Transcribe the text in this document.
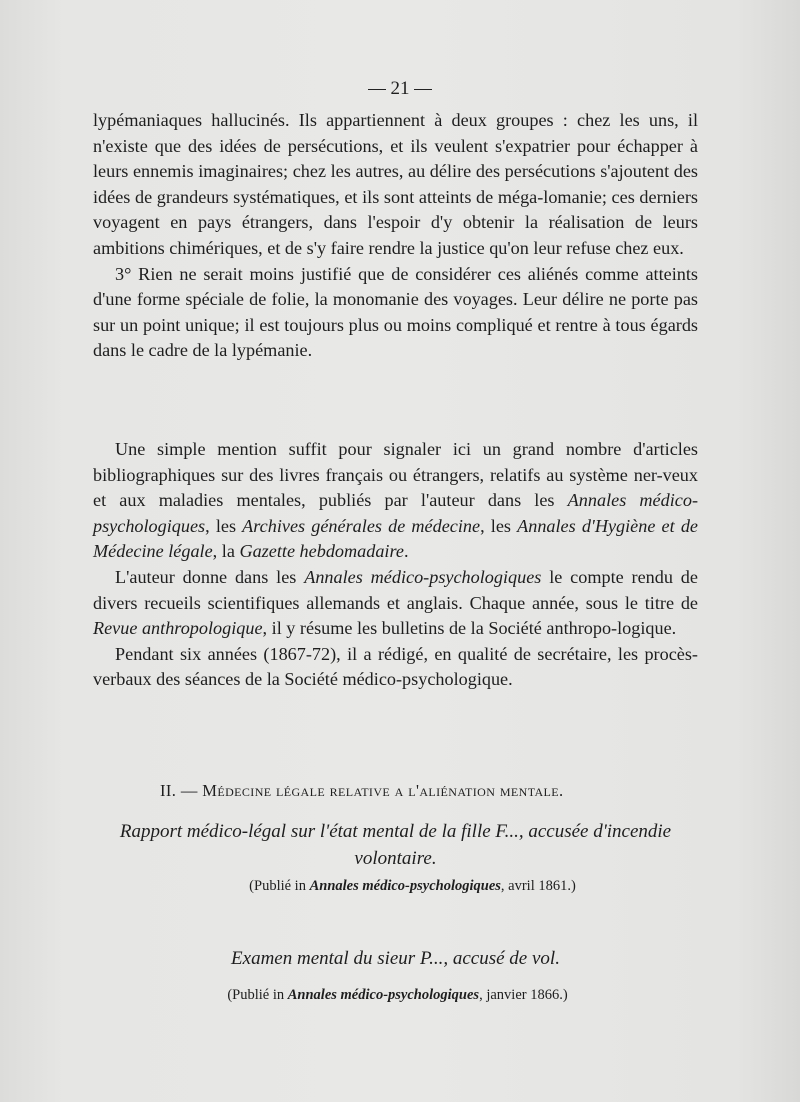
21

lypémaniaques hallucinés. Ils appartiennent à deux groupes : chez les uns, il n'existe que des idées de persécutions, et ils veulent s'expatrier pour échapper à leurs ennemis imaginaires; chez les autres, au délire des persécutions s'ajoutent des idées de grandeurs systématiques, et ils sont atteints de méga-lomanie; ces derniers voyagent en pays étrangers, dans l'espoir d'y obtenir la réalisation de leurs ambitions chimériques, et de s'y faire rendre la justice qu'on leur refuse chez eux.

3° Rien ne serait moins justifié que de considérer ces aliénés comme atteints d'une forme spéciale de folie, la monomanie des voyages. Leur délire ne porte pas sur un point unique; il est toujours plus ou moins compliqué et rentre à tous égards dans le cadre de la lypémanie.

Une simple mention suffit pour signaler ici un grand nombre d'articles bibliographiques sur des livres français ou étrangers, relatifs au système ner-veux et aux maladies mentales, publiés par l'auteur dans les Annales médico-psychologiques, les Archives générales de médecine, les Annales d'Hygiène et de Médecine légale, la Gazette hebdomadaire.

L'auteur donne dans les Annales médico-psychologiques le compte rendu de divers recueils scientifiques allemands et anglais. Chaque année, sous le titre de Revue anthropologique, il y résume les bulletins de la Société anthropo-logique.

Pendant six années (1867-72), il a rédigé, en qualité de secrétaire, les procès-verbaux des séances de la Société médico-psychologique.

II. — Médecine légale relative a l'aliénation mentale.
Rapport médico-légal sur l'état mental de la fille F..., accusée d'incendie volontaire.
(Publié in Annales médico-psychologiques, avril 1861.)
Examen mental du sieur P..., accusé de vol.
(Publié in Annales médico-psychologiques, janvier 1866.)
